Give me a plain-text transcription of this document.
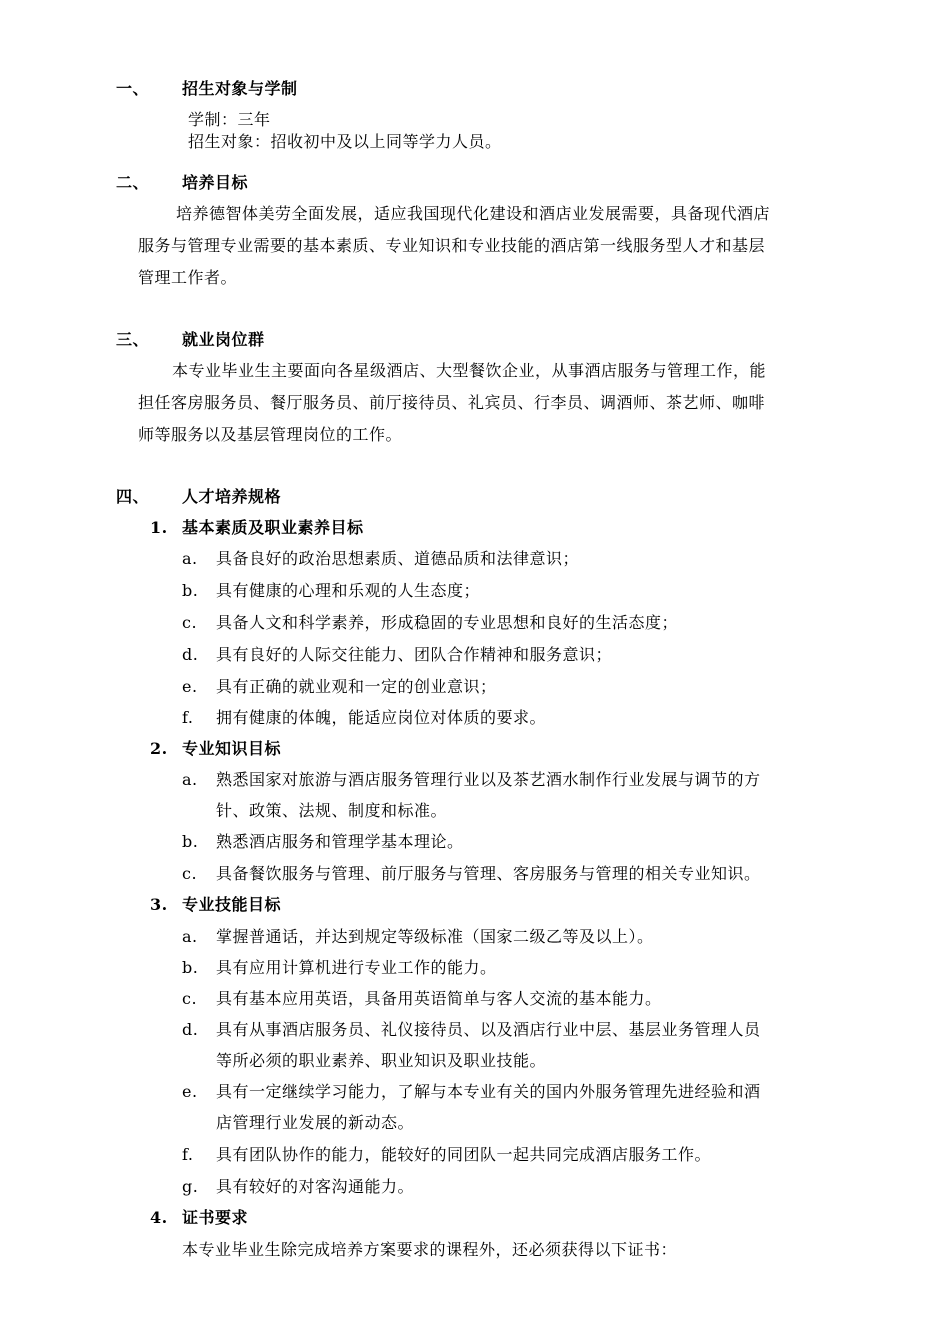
一、 招生对象与学制
学制：三年
招生对象：招收初中及以上同等学力人员。
二、 培养目标
培养德智体美劳全面发展，适应我国现代化建设和酒店业发展需要，具备现代酒店
服务与管理专业需要的基本素质、专业知识和专业技能的酒店第一线服务型人才和基层
管理工作者。
三、 就业岗位群
本专业毕业生主要面向各星级酒店、大型餐饮企业，从事酒店服务与管理工作，能
担任客房服务员、餐厅服务员、前厅接待员、礼宾员、行李员、调酒师、茶艺师、咖啡
师等服务以及基层管理岗位的工作。
四、 人才培养规格
1. 基本素质及职业素养目标
a. 具备良好的政治思想素质、道德品质和法律意识；
b. 具有健康的心理和乐观的人生态度；
c. 具备人文和科学素养，形成稳固的专业思想和良好的生活态度；
d. 具有良好的人际交往能力、团队合作精神和服务意识；
e. 具有正确的就业观和一定的创业意识；
f. 拥有健康的体魄，能适应岗位对体质的要求。
2. 专业知识目标
a. 熟悉国家对旅游与酒店服务管理行业以及茶艺酒水制作行业发展与调节的方
针、政策、法规、制度和标准。
b. 熟悉酒店服务和管理学基本理论。
c. 具备餐饮服务与管理、前厅服务与管理、客房服务与管理的相关专业知识。
3. 专业技能目标
a. 掌握普通话，并达到规定等级标准（国家二级乙等及以上）。
b. 具有应用计算机进行专业工作的能力。
c. 具有基本应用英语，具备用英语简单与客人交流的基本能力。
d. 具有从事酒店服务员、礼仪接待员、以及酒店行业中层、基层业务管理人员
等所必须的职业素养、职业知识及职业技能。
e. 具有一定继续学习能力，了解与本专业有关的国内外服务管理先进经验和酒
店管理行业发展的新动态。
f. 具有团队协作的能力，能较好的同团队一起共同完成酒店服务工作。
g. 具有较好的对客沟通能力。
4. 证书要求
本专业毕业生除完成培养方案要求的课程外，还必须获得以下证书：
